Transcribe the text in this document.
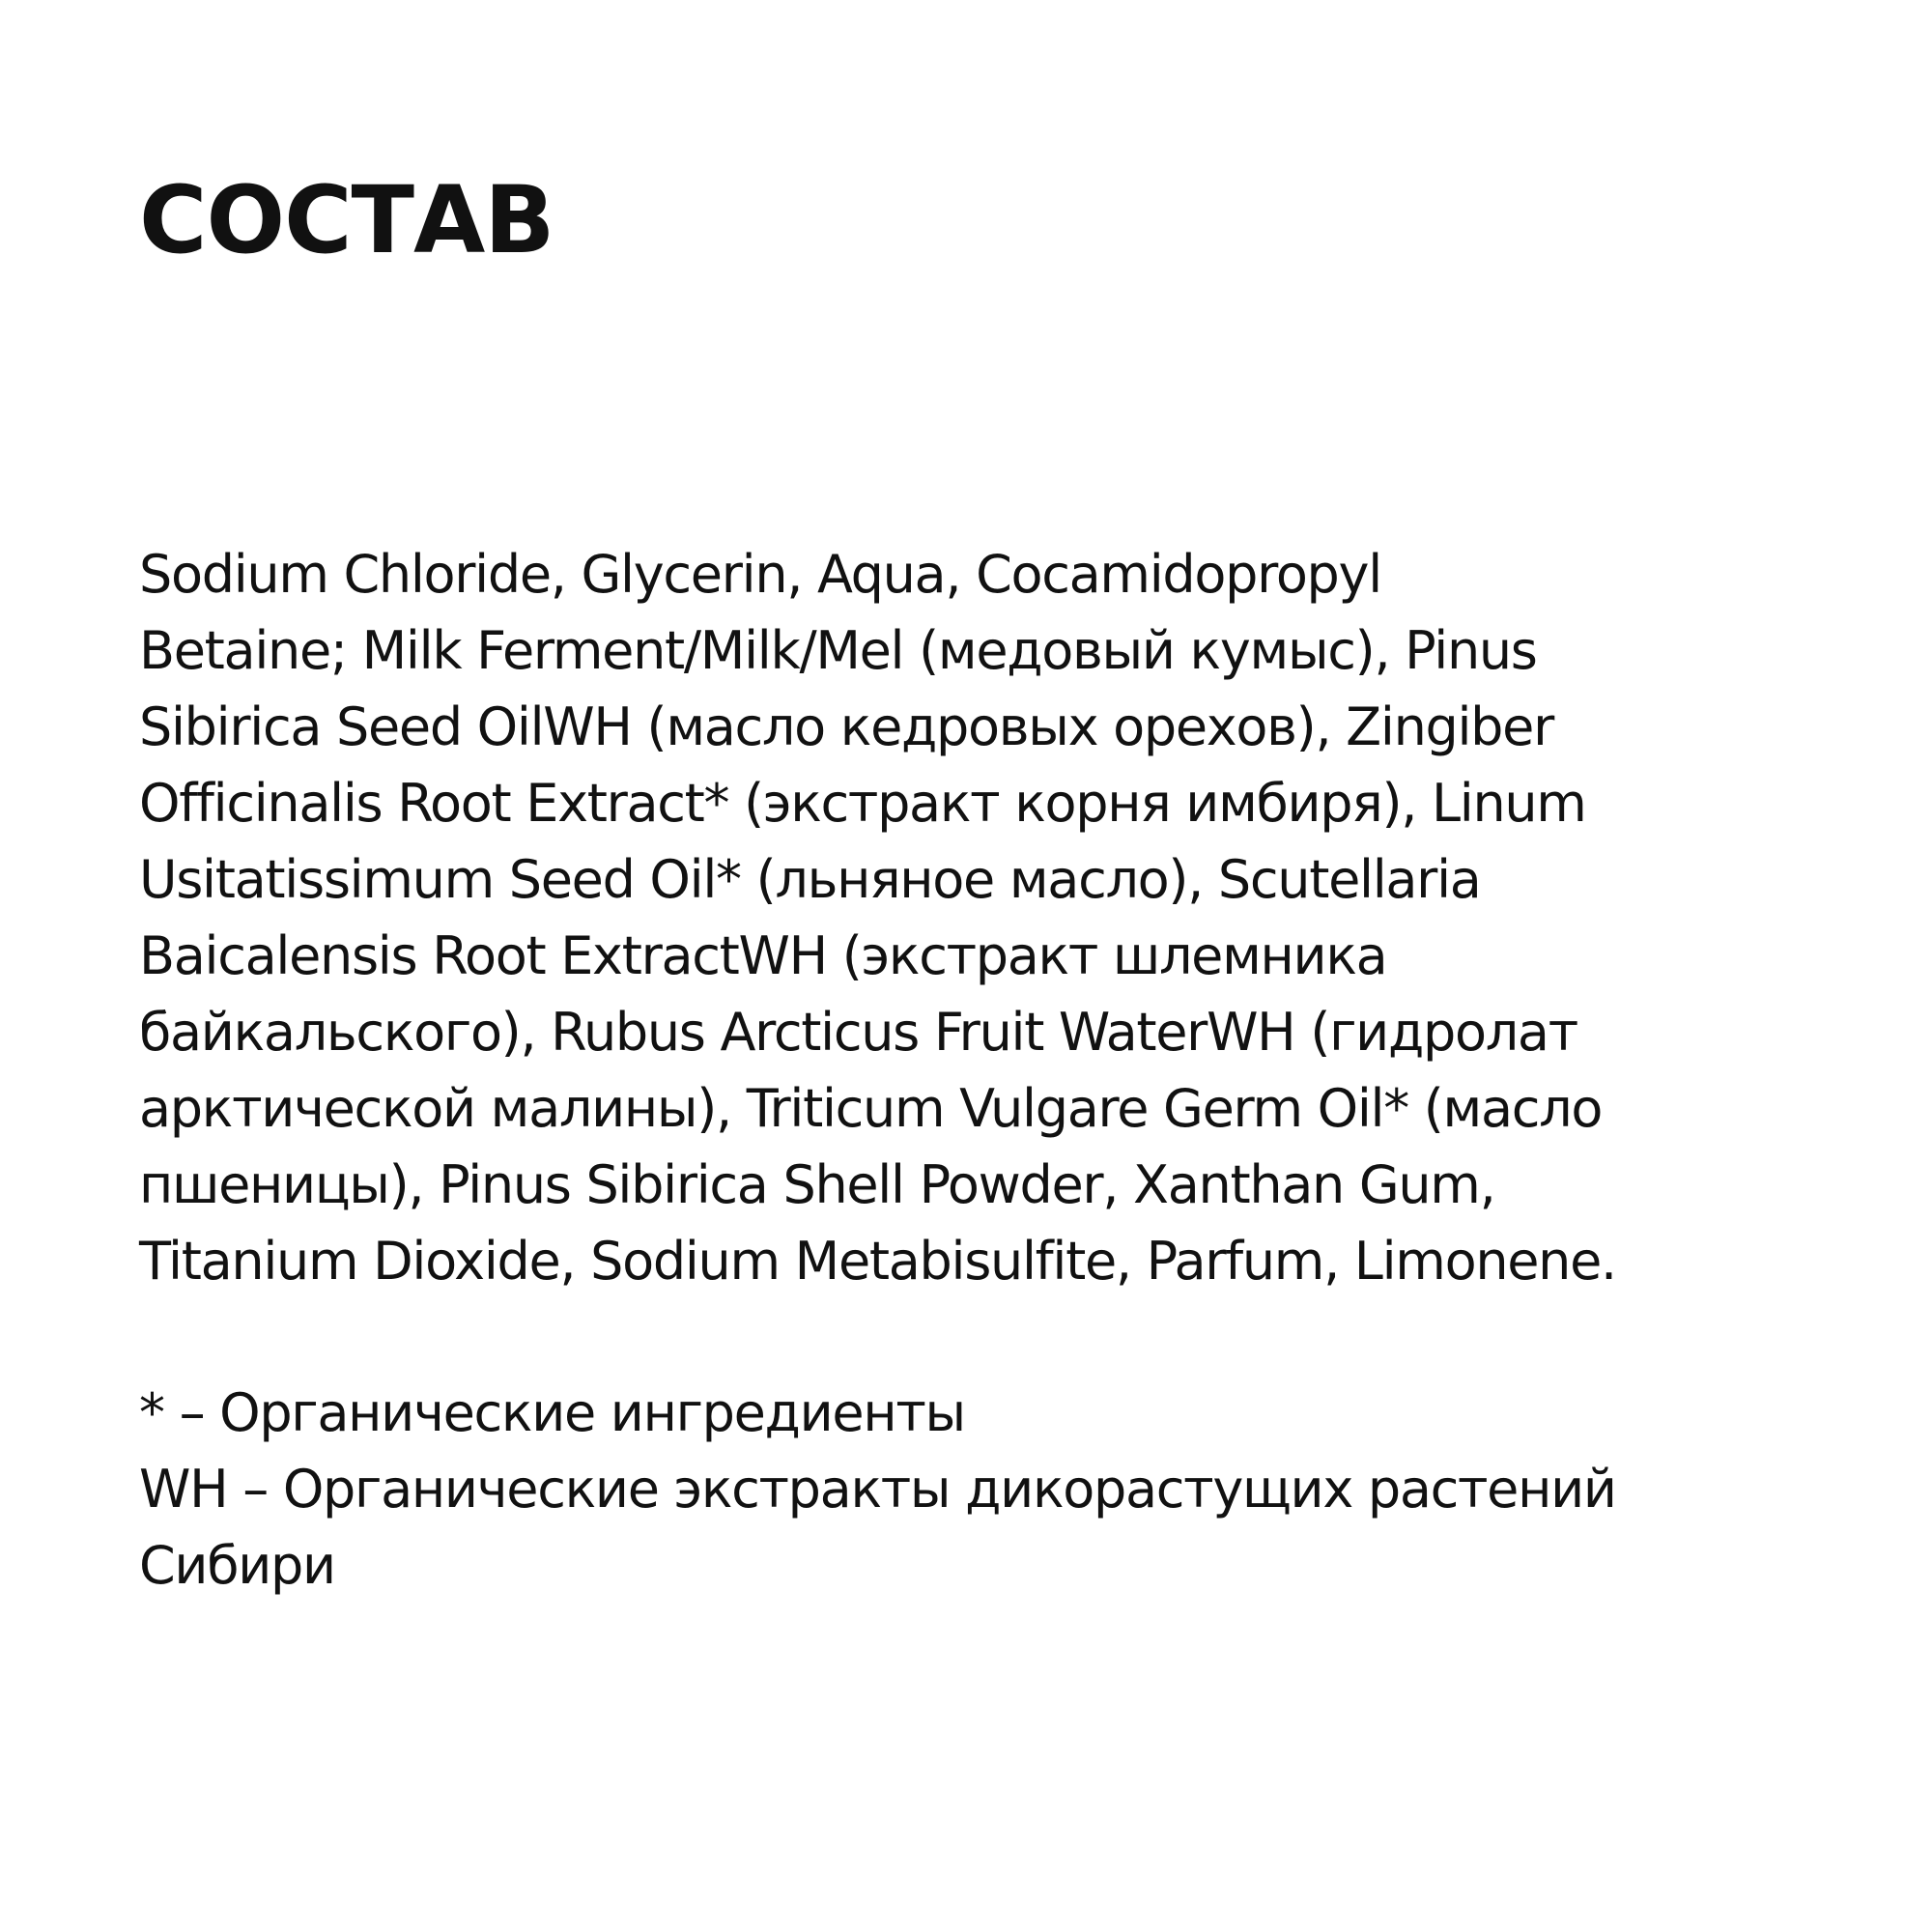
СОСТАВ
Sodium Chloride, Glycerin, Aqua, Cocamidopropyl
Betaine; Milk Ferment/Milk/Mel (медовый кумыс), Pinus
Sibirica Seed OilWH (масло кедровых орехов), Zingiber
Officinalis Root Extract* (экстракт корня имбиря), Linum
Usitatissimum Seed Oil* (льняное масло), Scutellaria
Baicalensis Root ExtractWH (экстракт шлемника
байкальского), Rubus Arcticus Fruit WaterWH (гидролат
арктической малины), Triticum Vulgare Germ Oil* (масло
пшеницы), Pinus Sibirica Shell Powder, Xanthan Gum,
Titanium Dioxide, Sodium Metabisulfite, Parfum, Limonene.
* – Органические ингредиенты
WH – Органические экстракты дикорастущих растений
Сибири
